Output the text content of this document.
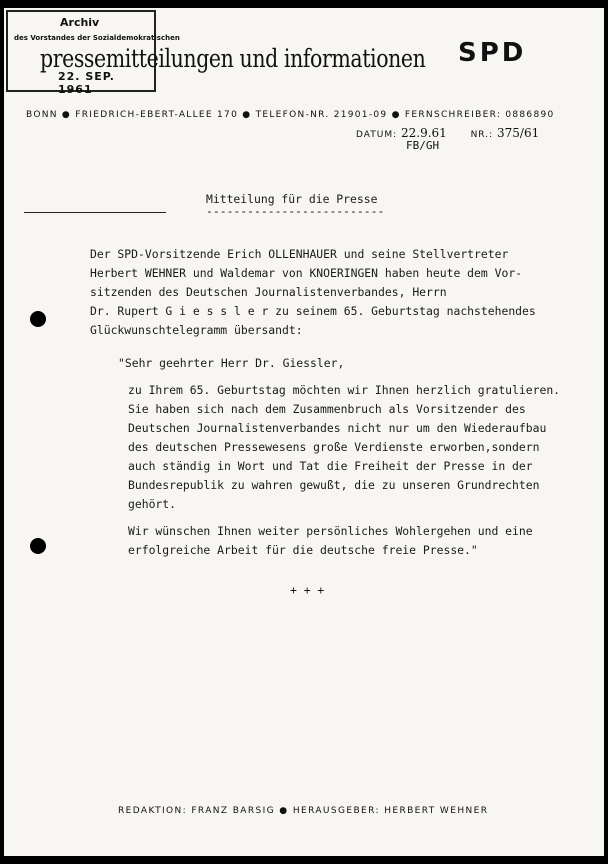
Archiv
des Vorstandes der Sozialdemokratischen
22. SEP. 1961
pressemitteilungen und informationen SPD
BONN ● FRIEDRICH-EBERT-ALLEE 170 ● TELEFON-NR. 21901-09 ● FERNSCHREIBER: 0886890
DATUM: 22.9.61	NR.: 375/61
FB/GH
Mitteilung für die Presse
--------------------------
Der SPD-Vorsitzende Erich OLLENHAUER und seine Stellvertreter
Herbert WEHNER und Waldemar von KNOERINGEN haben heute dem Vor-
sitzenden des Deutschen Journalistenverbandes, Herrn
Dr. Rupert G i e s s l e r zu seinem 65. Geburtstag nachstehendes
Glückwunschtelegramm übersandt:
"Sehr geehrter Herr Dr. Giessler,
zu Ihrem 65. Geburtstag möchten wir Ihnen herzlich gratulieren.
Sie haben sich nach dem Zusammenbruch als Vorsitzender des
Deutschen Journalistenverbandes nicht nur um den Wiederaufbau
des deutschen Pressewesens große Verdienste erworben,sondern
auch ständig in Wort und Tat die Freiheit der Presse in der
Bundesrepublik zu wahren gewußt, die zu unseren Grundrechten
gehört.
Wir wünschen Ihnen weiter persönliches Wohlergehen und eine
erfolgreiche Arbeit für die deutsche freie Presse."
+ + +
REDAKTION: FRANZ BARSIG ● HERAUSGEBER: HERBERT WEHNER
